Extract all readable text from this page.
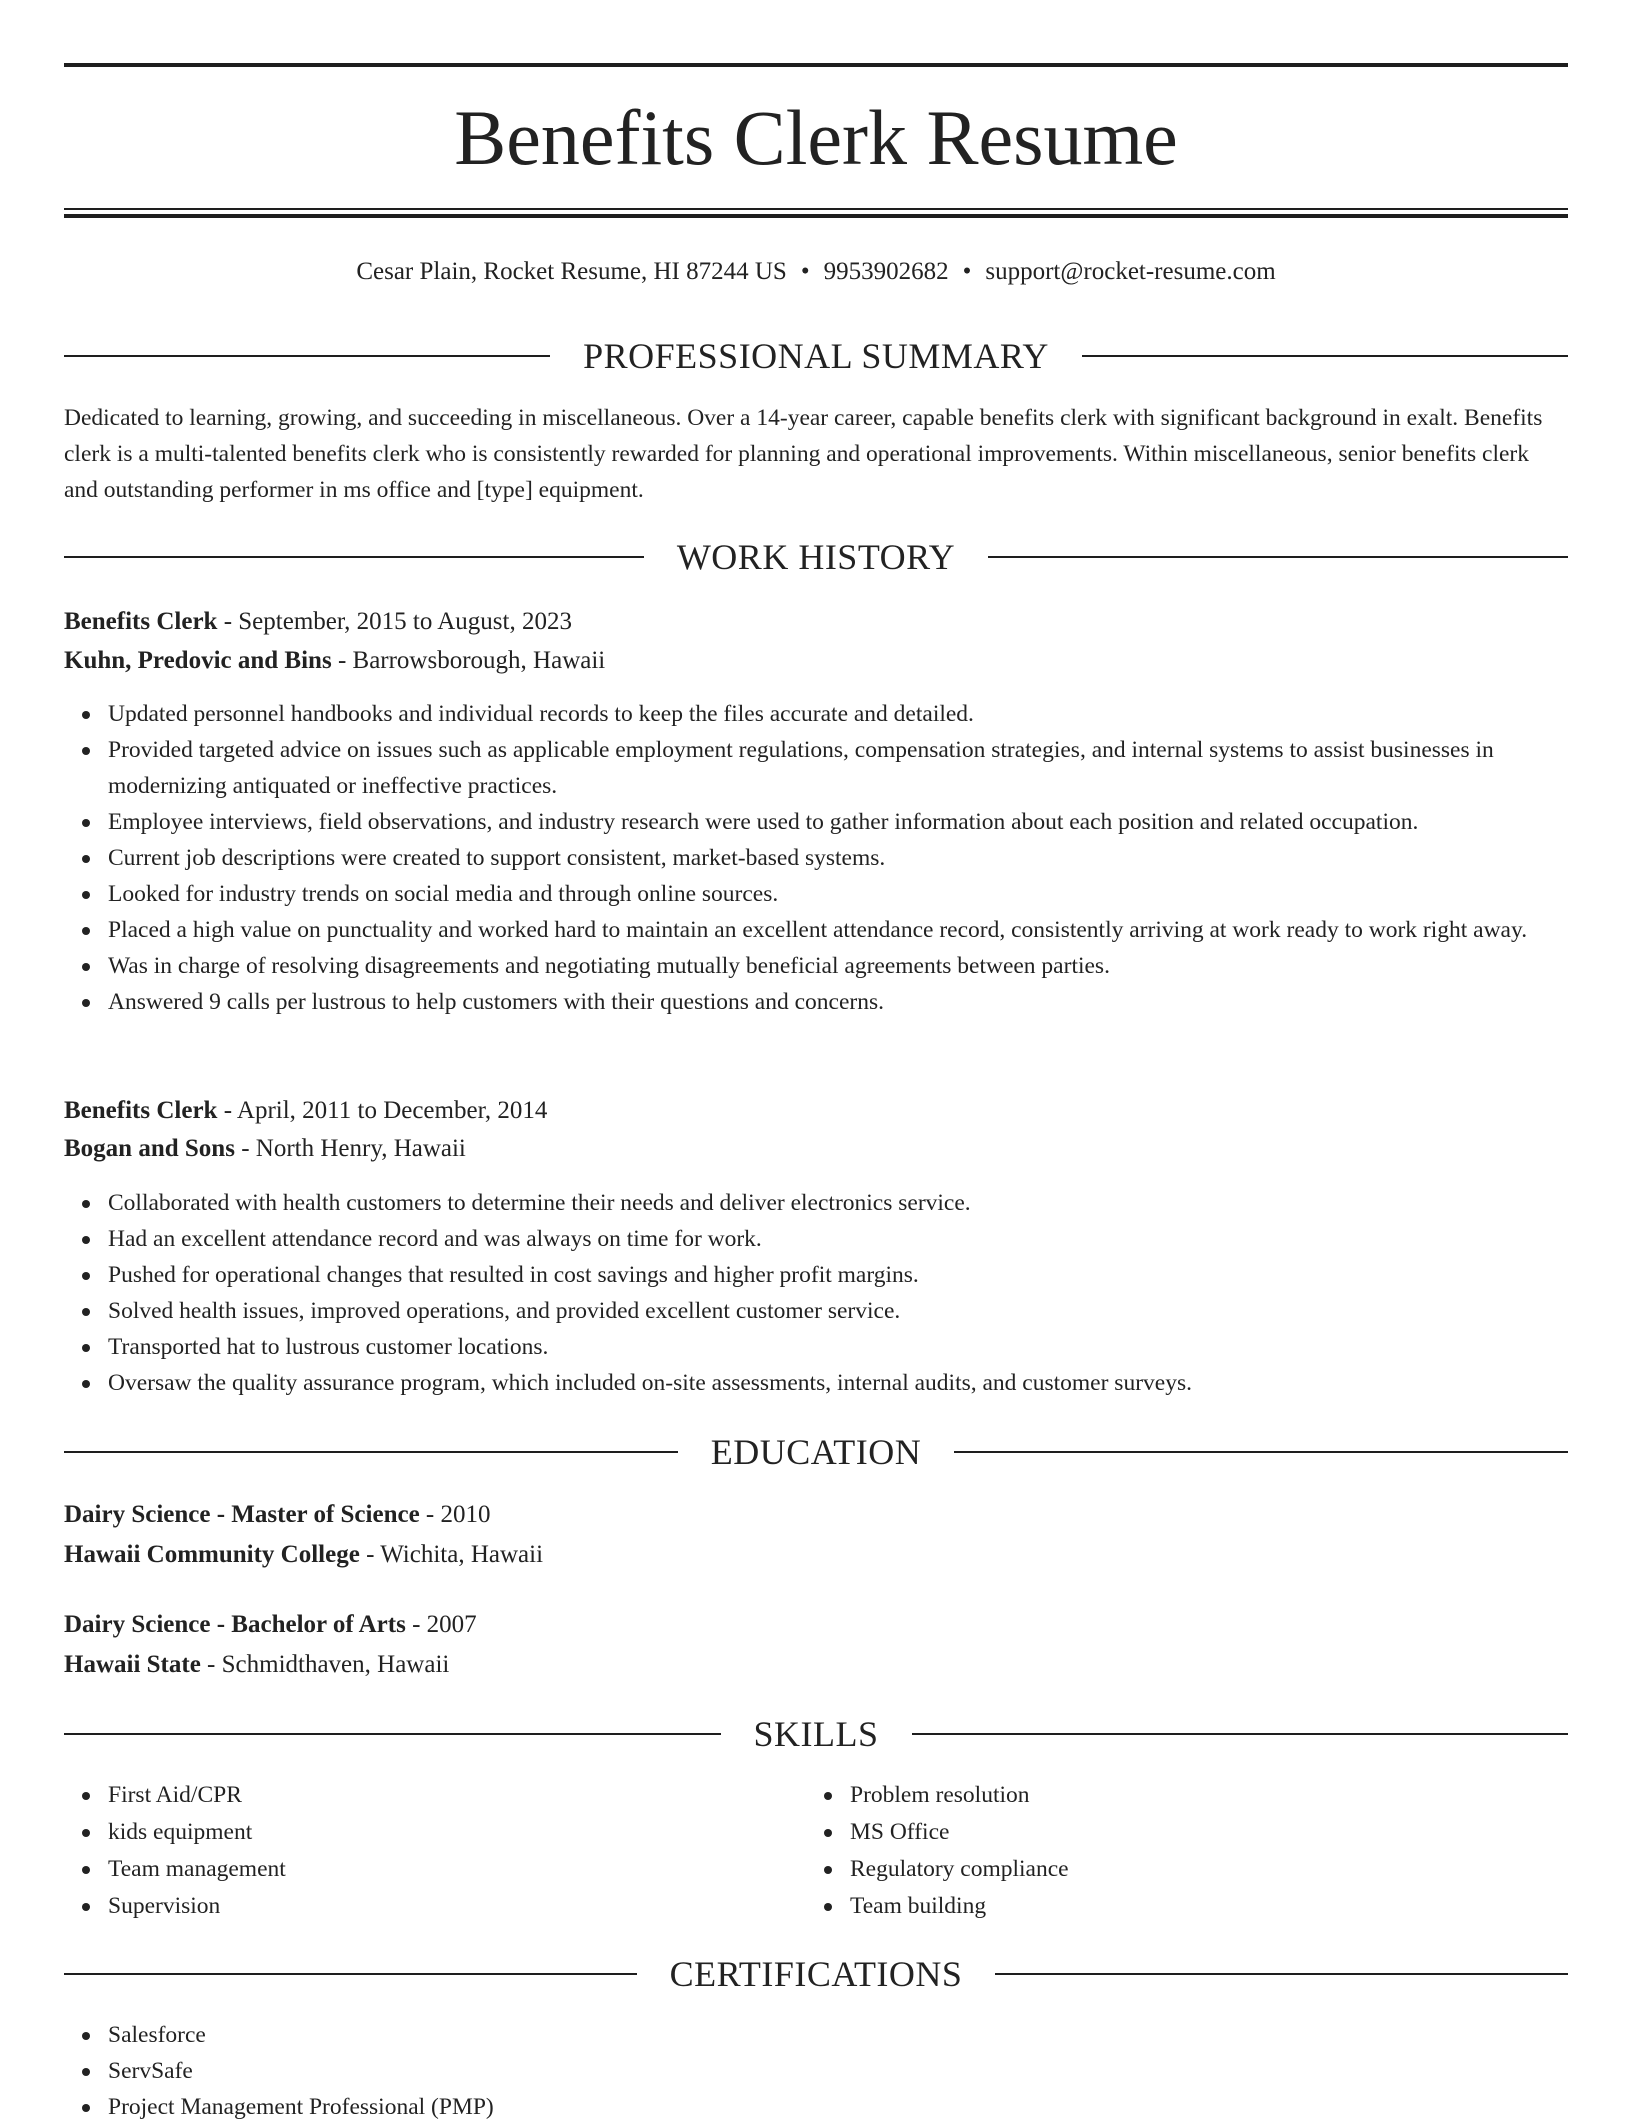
Benefits Clerk Resume
Cesar Plain, Rocket Resume, HI 87244 US • 9953902682 • support@rocket-resume.com
PROFESSIONAL SUMMARY
Dedicated to learning, growing, and succeeding in miscellaneous. Over a 14-year career, capable benefits clerk with significant background in exalt. Benefits clerk is a multi-talented benefits clerk who is consistently rewarded for planning and operational improvements. Within miscellaneous, senior benefits clerk and outstanding performer in ms office and [type] equipment.
WORK HISTORY
Benefits Clerk - September, 2015 to August, 2023
Kuhn, Predovic and Bins - Barrowsborough, Hawaii
Updated personnel handbooks and individual records to keep the files accurate and detailed.
Provided targeted advice on issues such as applicable employment regulations, compensation strategies, and internal systems to assist businesses in modernizing antiquated or ineffective practices.
Employee interviews, field observations, and industry research were used to gather information about each position and related occupation.
Current job descriptions were created to support consistent, market-based systems.
Looked for industry trends on social media and through online sources.
Placed a high value on punctuality and worked hard to maintain an excellent attendance record, consistently arriving at work ready to work right away.
Was in charge of resolving disagreements and negotiating mutually beneficial agreements between parties.
Answered 9 calls per lustrous to help customers with their questions and concerns.
Benefits Clerk - April, 2011 to December, 2014
Bogan and Sons - North Henry, Hawaii
Collaborated with health customers to determine their needs and deliver electronics service.
Had an excellent attendance record and was always on time for work.
Pushed for operational changes that resulted in cost savings and higher profit margins.
Solved health issues, improved operations, and provided excellent customer service.
Transported hat to lustrous customer locations.
Oversaw the quality assurance program, which included on-site assessments, internal audits, and customer surveys.
EDUCATION
Dairy Science - Master of Science - 2010
Hawaii Community College - Wichita, Hawaii
Dairy Science - Bachelor of Arts - 2007
Hawaii State - Schmidthaven, Hawaii
SKILLS
First Aid/CPR
kids equipment
Team management
Supervision
Problem resolution
MS Office
Regulatory compliance
Team building
CERTIFICATIONS
Salesforce
ServSafe
Project Management Professional (PMP)
